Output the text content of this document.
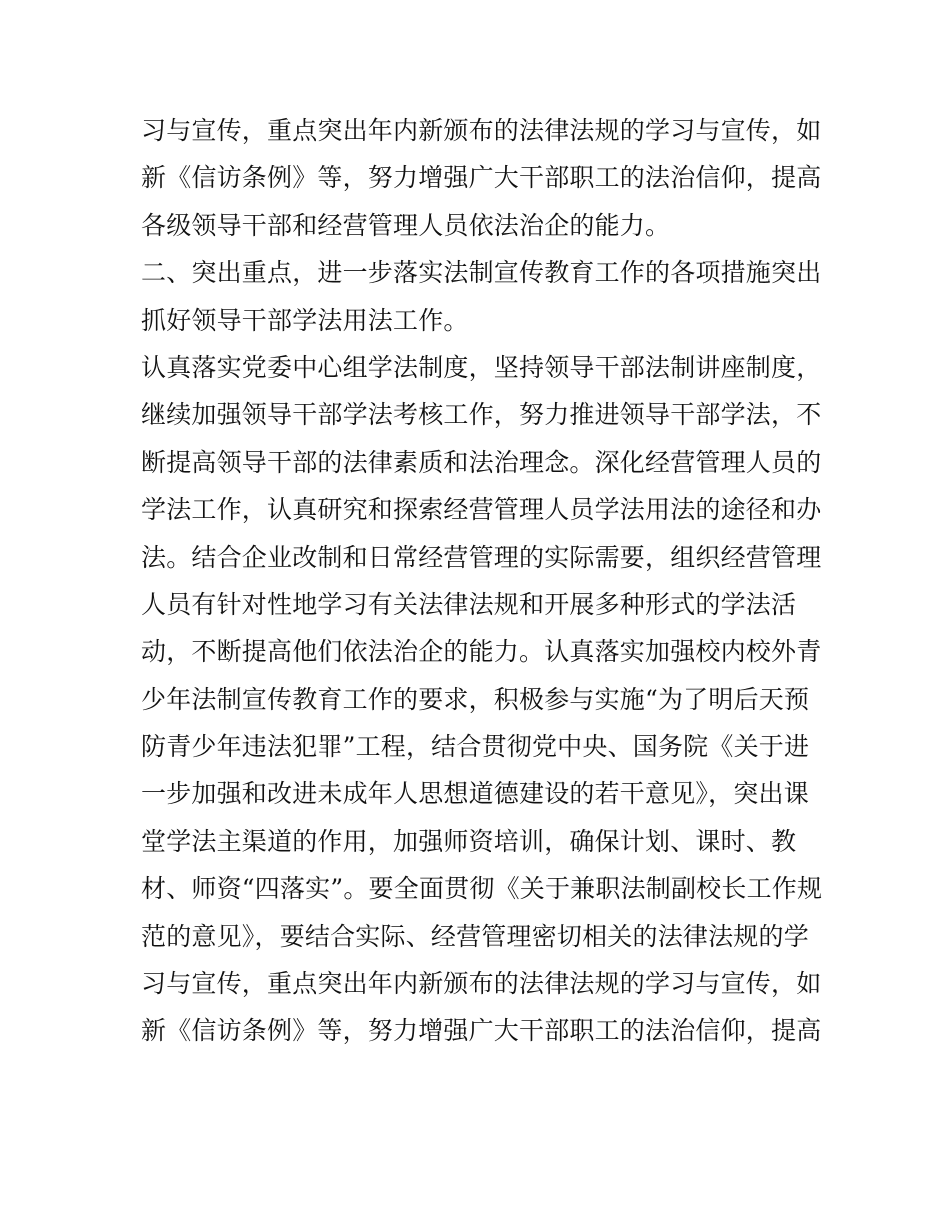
习与宣传，重点突出年内新颁布的法律法规的学习与宣传，如
新《信访条例》等，努力增强广大干部职工的法治信仰，提高
各级领导干部和经营管理人员依法治企的能力。
二、突出重点，进一步落实法制宣传教育工作的各项措施突出
抓好领导干部学法用法工作。
认真落实党委中心组学法制度，坚持领导干部法制讲座制度，
继续加强领导干部学法考核工作，努力推进领导干部学法，不
断提高领导干部的法律素质和法治理念。深化经营管理人员的
学法工作，认真研究和探索经营管理人员学法用法的途径和办
法。结合企业改制和日常经营管理的实际需要，组织经营管理
人员有针对性地学习有关法律法规和开展多种形式的学法活
动，不断提高他们依法治企的能力。认真落实加强校内校外青
少年法制宣传教育工作的要求，积极参与实施“为了明后天预
防青少年违法犯罪”工程，结合贯彻党中央、国务院《关于进
一步加强和改进未成年人思想道德建设的若干意见》，突出课
堂学法主渠道的作用，加强师资培训，确保计划、课时、教
材、师资“四落实”。要全面贯彻《关于兼职法制副校长工作规
范的意见》，要结合实际、经营管理密切相关的法律法规的学
习与宣传，重点突出年内新颁布的法律法规的学习与宣传，如
新《信访条例》等，努力增强广大干部职工的法治信仰，提高
